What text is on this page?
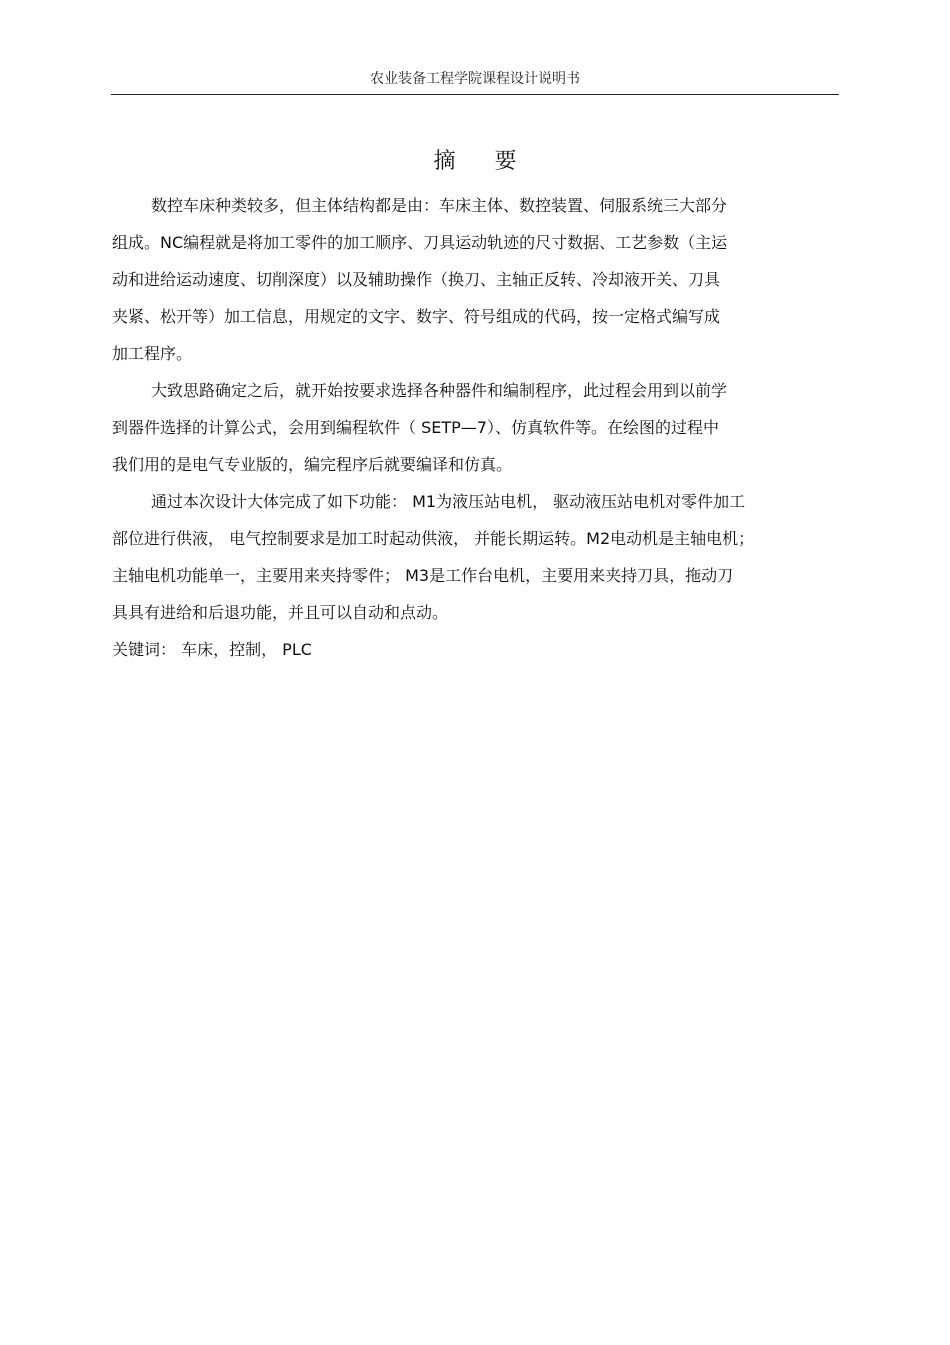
农业装备工程学院课程设计说明书
摘 要
数控车床种类较多，但主体结构都是由：车床主体、数控装置、伺服系统三大部分
组成。NC编程就是将加工零件的加工顺序、刀具运动轨迹的尺寸数据、工艺参数（主运
动和进给运动速度、切削深度）以及辅助操作（换刀、主轴正反转、冷却液开关、刀具
夹紧、松开等）加工信息，用规定的文字、数字、符号组成的代码，按一定格式编写成
加工程序。
大致思路确定之后，就开始按要求选择各种器件和编制程序，此过程会用到以前学
到器件选择的计算公式，会用到编程软件（ SETP—7）、仿真软件等。在绘图的过程中
我们用的是电气专业版的，编完程序后就要编译和仿真。
通过本次设计大体完成了如下功能： M1为液压站电机， 驱动液压站电机对零件加工
部位进行供液， 电气控制要求是加工时起动供液， 并能长期运转。M2电动机是主轴电机；
主轴电机功能单一，主要用来夹持零件； M3是工作台电机，主要用来夹持刀具，拖动刀
具具有进给和后退功能，并且可以自动和点动。
关键词： 车床，控制， PLC
